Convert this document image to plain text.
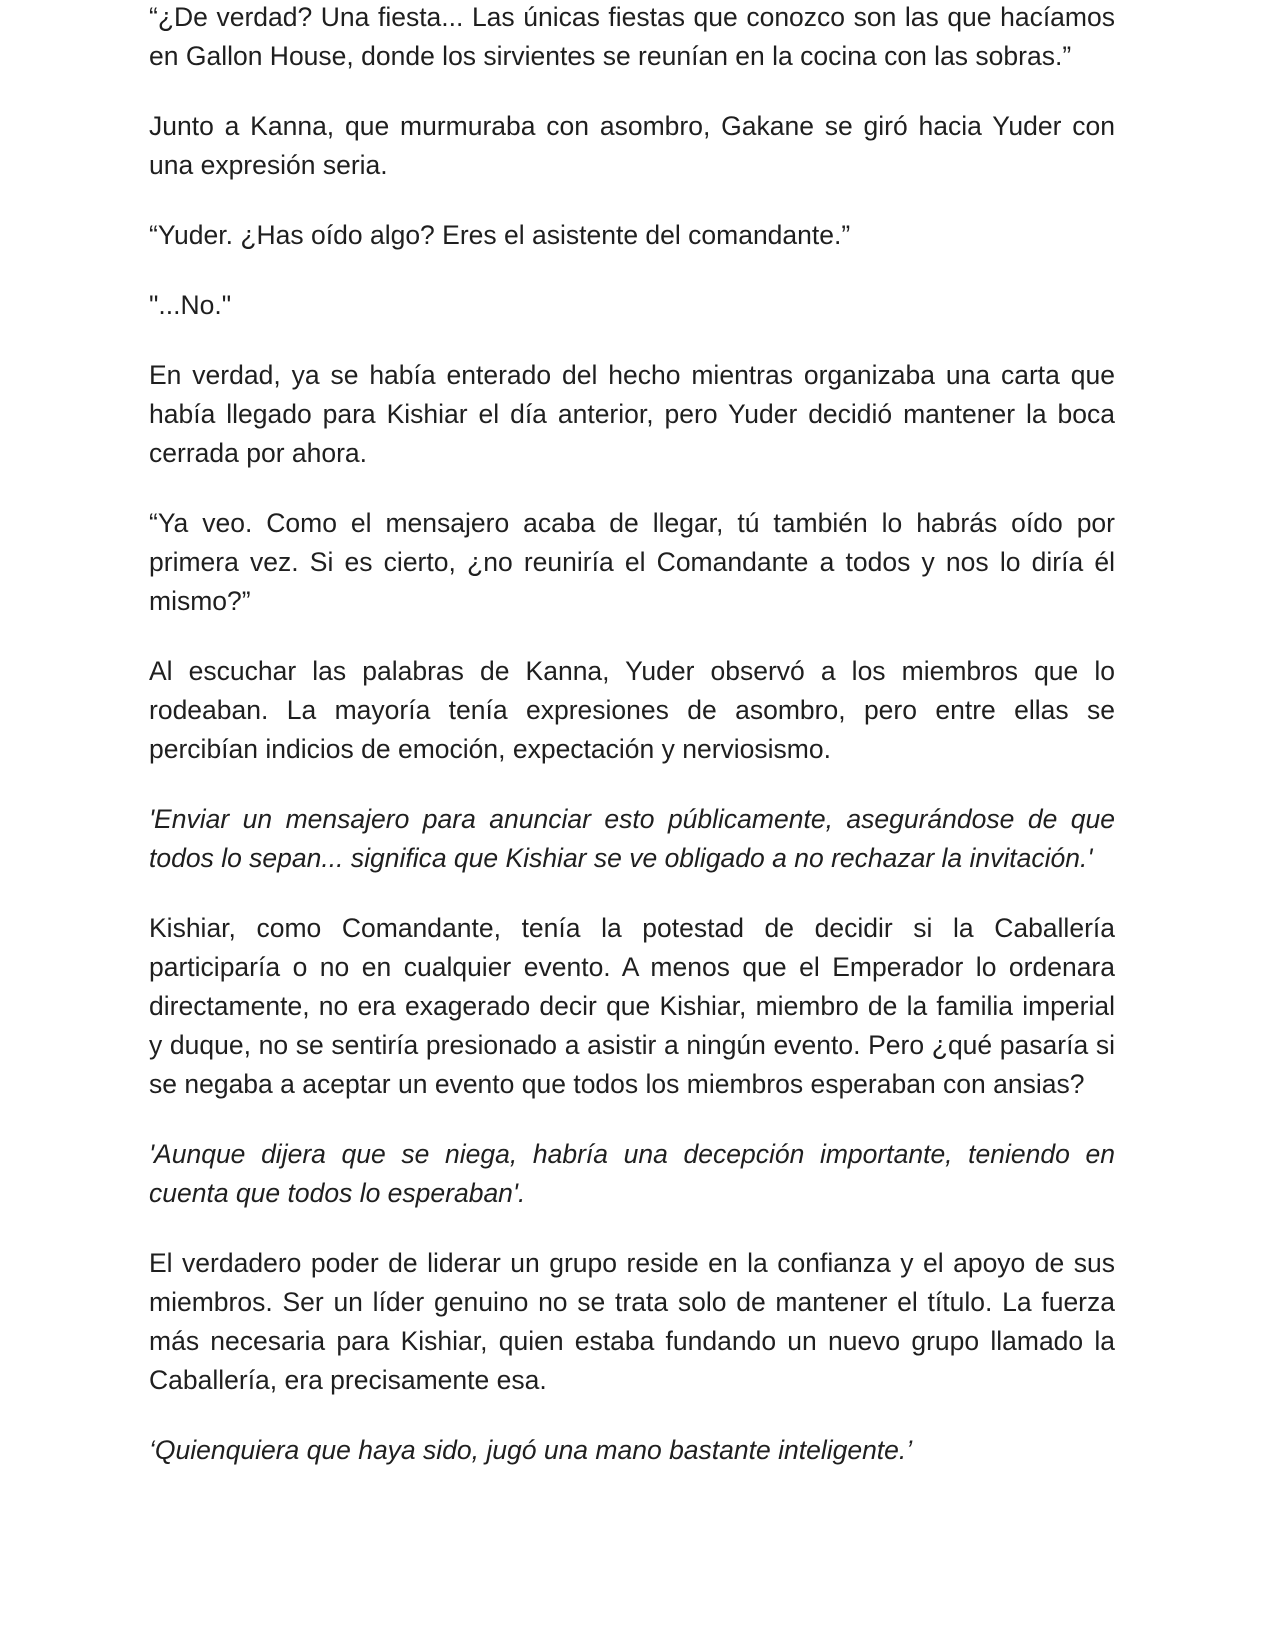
“¿De verdad? Una fiesta... Las únicas fiestas que conozco son las que hacíamos en Gallon House, donde los sirvientes se reunían en la cocina con las sobras.”

Junto a Kanna, que murmuraba con asombro, Gakane se giró hacia Yuder con una expresión seria.

“Yuder. ¿Has oído algo? Eres el asistente del comandante.”

"...No."

En verdad, ya se había enterado del hecho mientras organizaba una carta que había llegado para Kishiar el día anterior, pero Yuder decidió mantener la boca cerrada por ahora.

“Ya veo. Como el mensajero acaba de llegar, tú también lo habrás oído por primera vez. Si es cierto, ¿no reuniría el Comandante a todos y nos lo diría él mismo?”

Al escuchar las palabras de Kanna, Yuder observó a los miembros que lo rodeaban. La mayoría tenía expresiones de asombro, pero entre ellas se percibían indicios de emoción, expectación y nerviosismo.

'Enviar un mensajero para anunciar esto públicamente, asegurándose de que todos lo sepan... significa que Kishiar se ve obligado a no rechazar la invitación.'

Kishiar, como Comandante, tenía la potestad de decidir si la Caballería participaría o no en cualquier evento. A menos que el Emperador lo ordenara directamente, no era exagerado decir que Kishiar, miembro de la familia imperial y duque, no se sentiría presionado a asistir a ningún evento. Pero ¿qué pasaría si se negaba a aceptar un evento que todos los miembros esperaban con ansias?

'Aunque dijera que se niega, habría una decepción importante, teniendo en cuenta que todos lo esperaban'.

El verdadero poder de liderar un grupo reside en la confianza y el apoyo de sus miembros. Ser un líder genuino no se trata solo de mantener el título. La fuerza más necesaria para Kishiar, quien estaba fundando un nuevo grupo llamado la Caballería, era precisamente esa.

‘Quienquiera que haya sido, jugó una mano bastante inteligente.’
